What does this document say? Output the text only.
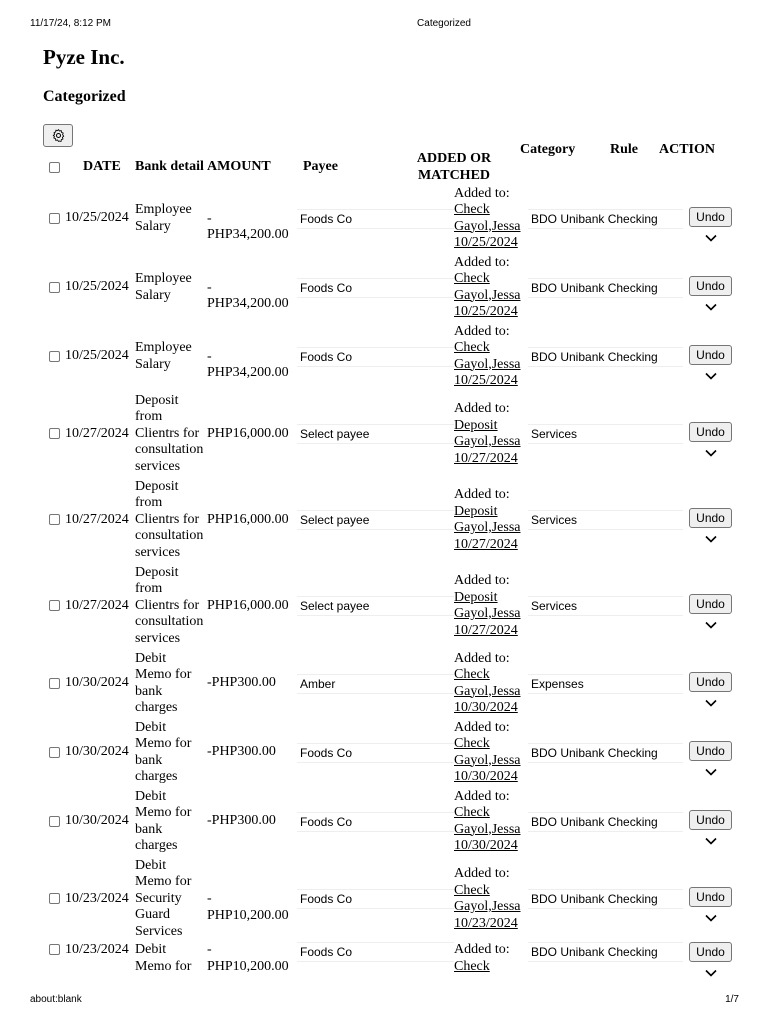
11/17/24, 8:12 PM	Categorized
Pyze Inc.
Categorized
	DATE	Bank detail	AMOUNT	Payee	ADDED OR
MATCHED	Category Rule ACTION		

	10/25/2024	Employee
Salary	-
PHP34,200.00	Foods Co	Added to:
Check
Gayol,Jessa
10/25/2024	BDO Unibank Checking		Undo

	10/25/2024	Employee
Salary	-
PHP34,200.00	Foods Co	Added to:
Check
Gayol,Jessa
10/25/2024	BDO Unibank Checking		Undo

	10/25/2024	Employee
Salary	-
PHP34,200.00	Foods Co	Added to:
Check
Gayol,Jessa
10/25/2024	BDO Unibank Checking		Undo

	10/27/2024	Deposit
from
Clientrs for
consultation
services	PHP16,000.00	Select payee	Added to:
Deposit
Gayol,Jessa
10/27/2024	Services		Undo

	10/27/2024	Deposit
from
Clientrs for
consultation
services	PHP16,000.00	Select payee	Added to:
Deposit
Gayol,Jessa
10/27/2024	Services		Undo

	10/27/2024	Deposit
from
Clientrs for
consultation
services	PHP16,000.00	Select payee	Added to:
Deposit
Gayol,Jessa
10/27/2024	Services		Undo

	10/30/2024	Debit
Memo for
bank
charges	-PHP300.00	Amber	Added to:
Check
Gayol,Jessa
10/30/2024	Expenses		Undo

	10/30/2024	Debit
Memo for
bank
charges	-PHP300.00	Foods Co	Added to:
Check
Gayol,Jessa
10/30/2024	BDO Unibank Checking		Undo

	10/30/2024	Debit
Memo for
bank
charges	-PHP300.00	Foods Co	Added to:
Check
Gayol,Jessa
10/30/2024	BDO Unibank Checking		Undo

	10/23/2024	Debit
Memo for
Security
Guard
Services	-
PHP10,200.00	Foods Co	Added to:
Check
Gayol,Jessa
10/23/2024	BDO Unibank Checking		Undo

	10/23/2024	Debit
Memo for	-
PHP10,200.00	Foods Co	Added to:
Check	BDO Unibank Checking		Undo
about:blank	1/7
